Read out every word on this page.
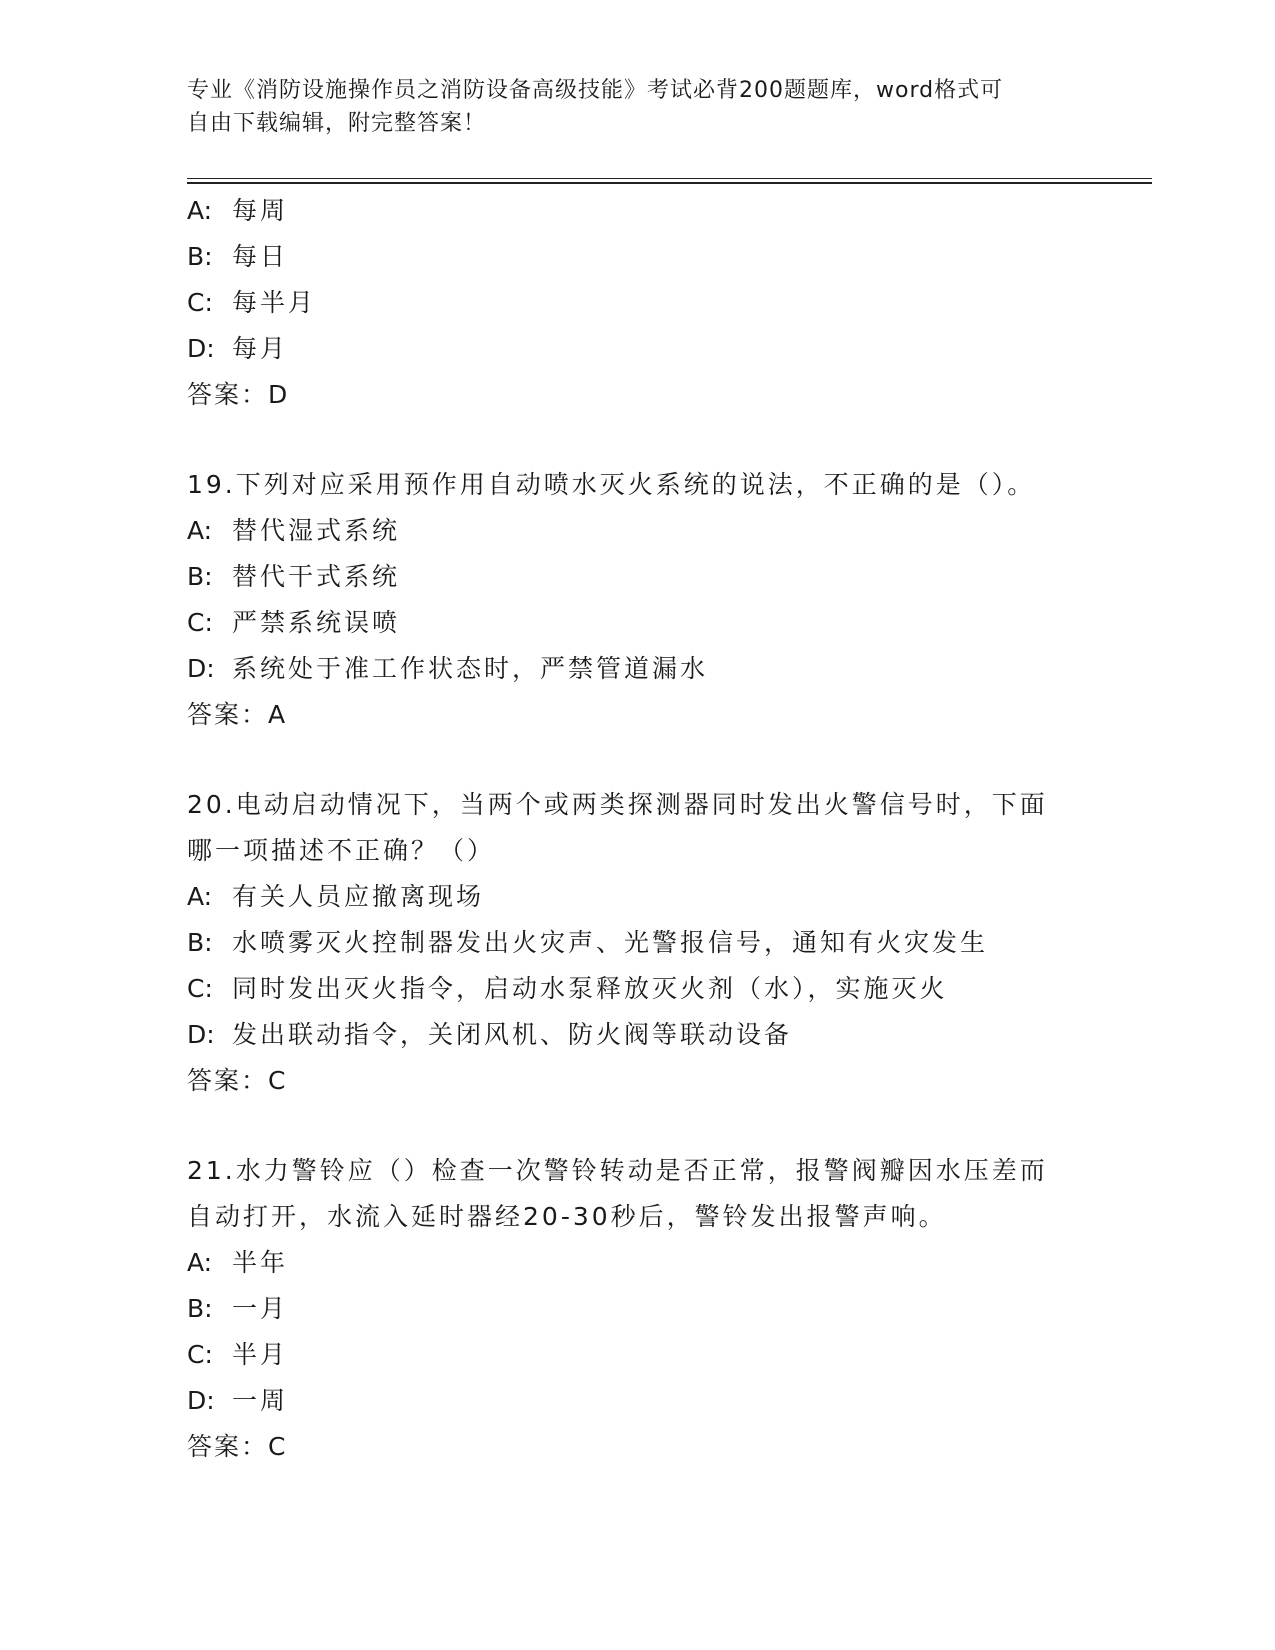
专业《消防设施操作员之消防设备高级技能》考试必背200题题库，word格式可
自由下载编辑，附完整答案！
A: 每周
B: 每日
C: 每半月
D: 每月
答案：D
19.下列对应采用预作用自动喷水灭火系统的说法，不正确的是（）。
A: 替代湿式系统
B: 替代干式系统
C: 严禁系统误喷
D: 系统处于准工作状态时，严禁管道漏水
答案：A
20.电动启动情况下，当两个或两类探测器同时发出火警信号时，下面
哪一项描述不正确？（）
A: 有关人员应撤离现场
B: 水喷雾灭火控制器发出火灾声、光警报信号，通知有火灾发生
C: 同时发出灭火指令，启动水泵释放灭火剂（水），实施灭火
D: 发出联动指令，关闭风机、防火阀等联动设备
答案：C
21.水力警铃应（）检查一次警铃转动是否正常，报警阀瓣因水压差而
自动打开，水流入延时器经20-30秒后，警铃发出报警声响。
A: 半年
B: 一月
C: 半月
D: 一周
答案：C
